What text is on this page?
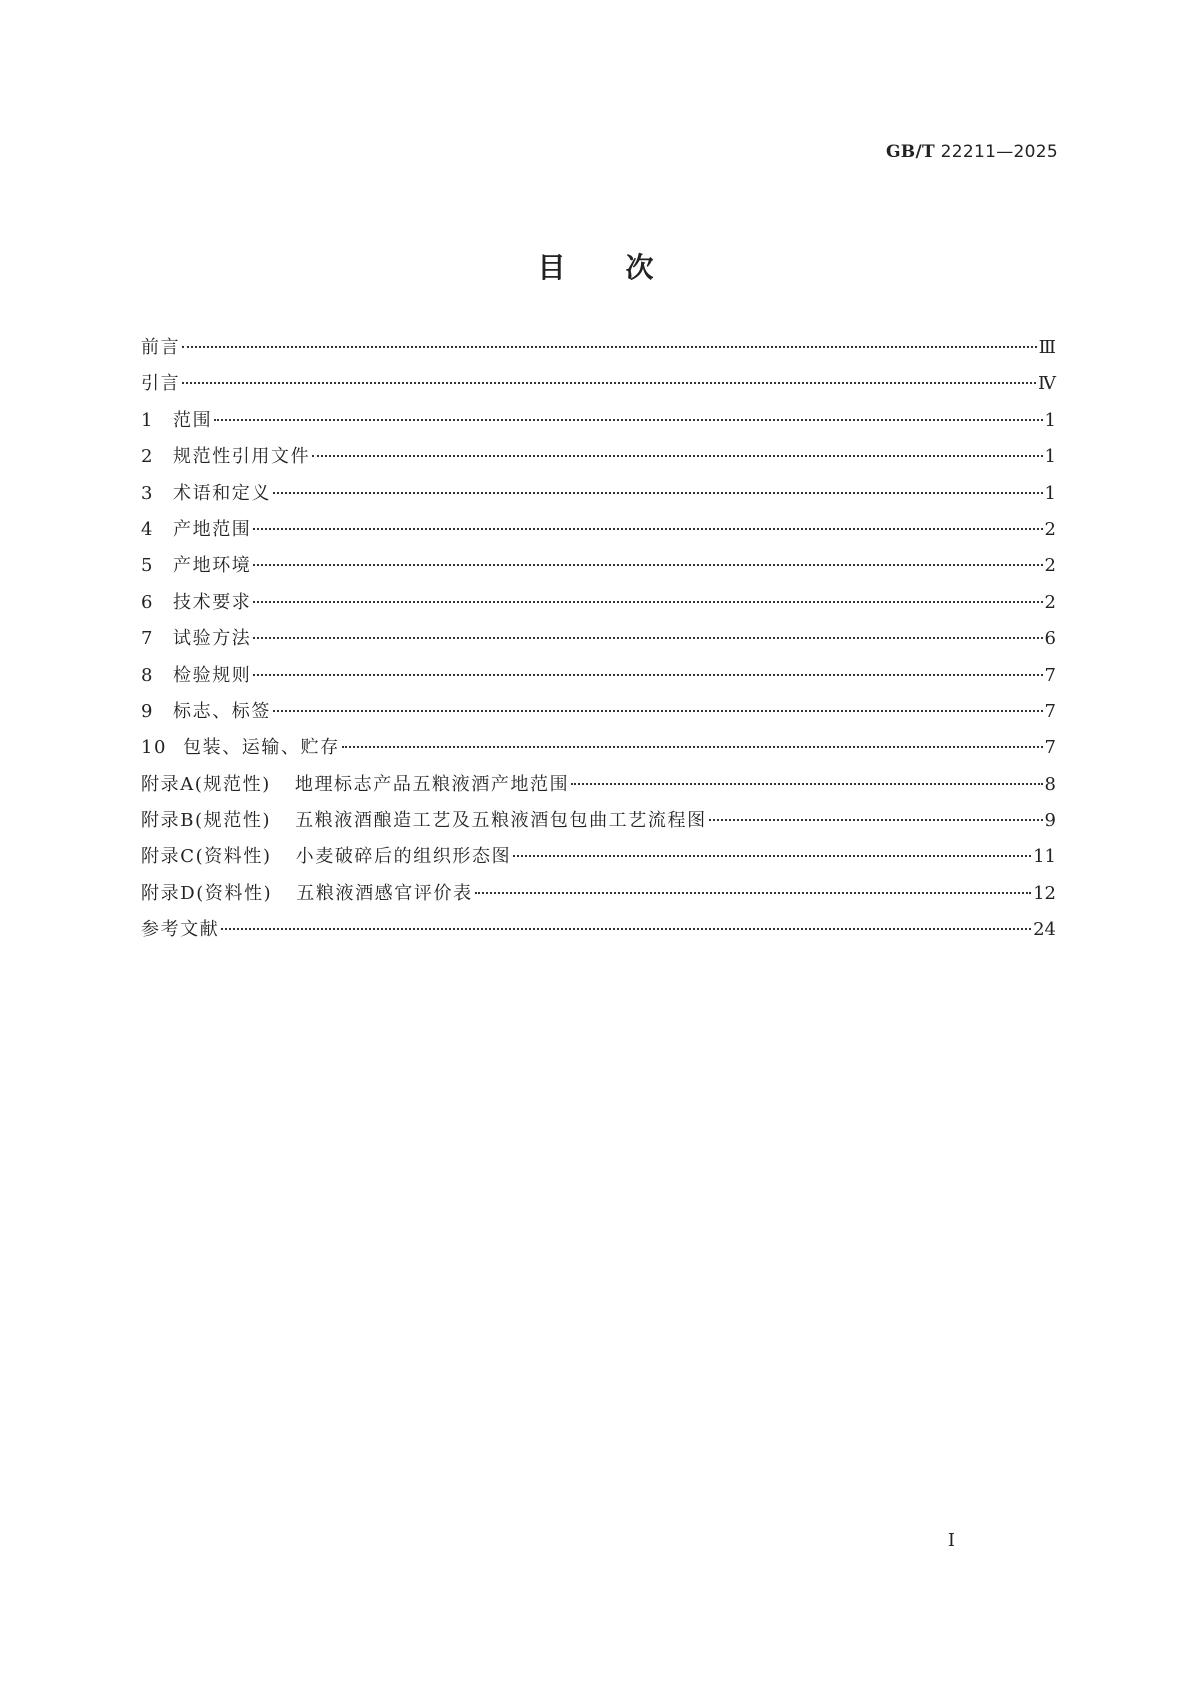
GB/T 22211—2025
目次
前言	Ⅲ
引言	Ⅳ
1	范围	1
2	规范性引用文件	1
3	术语和定义	1
4	产地范围	2
5	产地环境	2
6	技术要求	2
7	试验方法	6
8	检验规则	7
9	标志、标签	7
10 包装、运输、贮存	7
附录A(规范性) 地理标志产品五粮液酒产地范围	8
附录B(规范性) 五粮液酒酿造工艺及五粮液酒包包曲工艺流程图	9
附录C(资料性) 小麦破碎后的组织形态图	11
附录D(资料性) 五粮液酒感官评价表	12
参考文献	24
I
